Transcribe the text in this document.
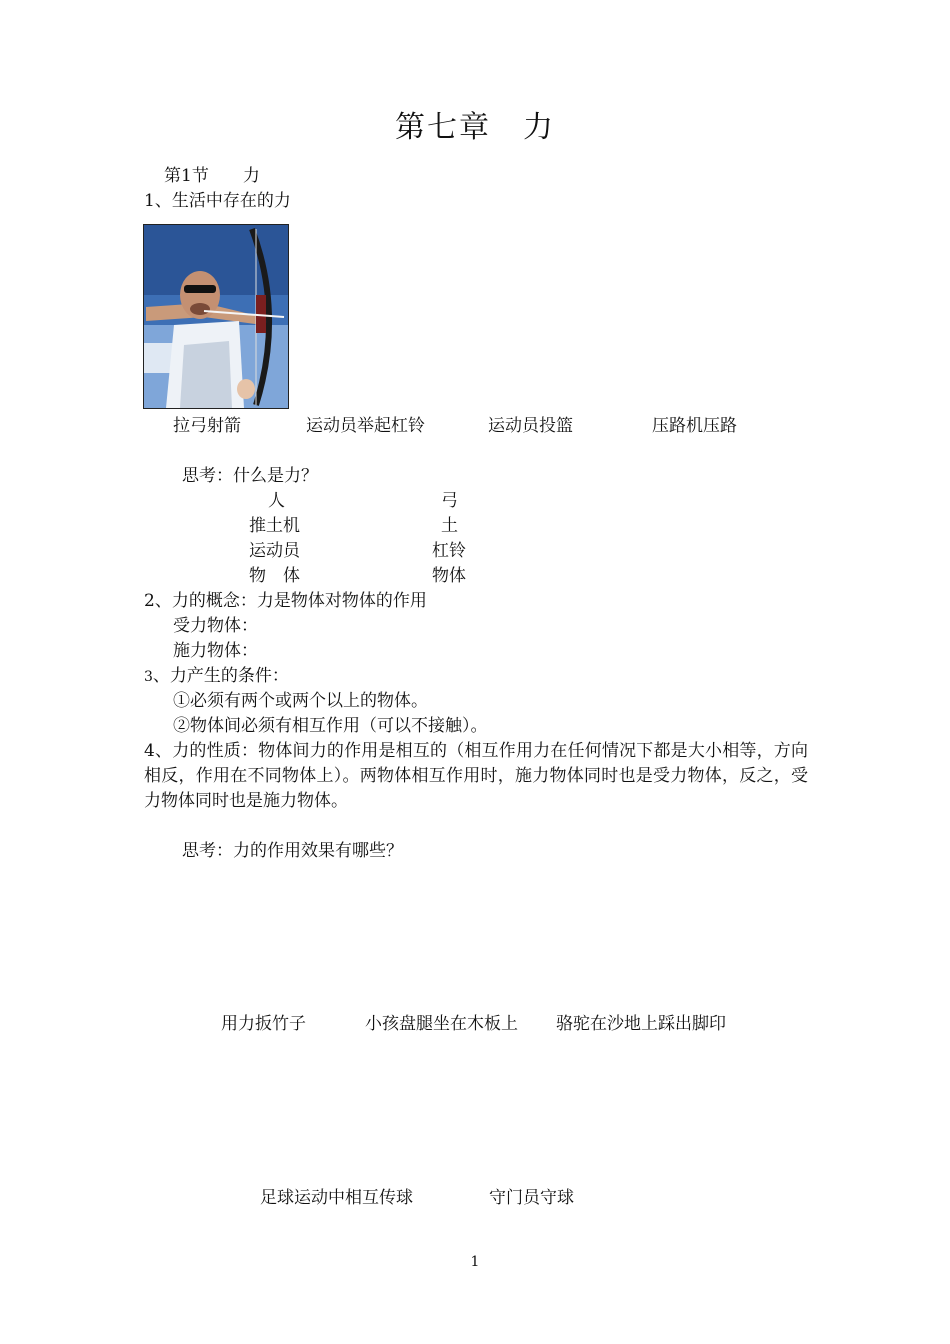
第七章　力
第1节　　力
1、生活中存在的力
拉弓射箭	运动员举起杠铃	运动员投篮	压路机压路
思考：什么是力？
人	弓
推土机	土
运动员	杠铃
物　体	物体
2、力的概念：力是物体对物体的作用
受力物体：
施力物体：
3、力产生的条件：
①必须有两个或两个以上的物体。
②物体间必须有相互作用（可以不接触）。
4、力的性质：物体间力的作用是相互的（相互作用力在任何情况下都是大小相等，方向相反，作用在不同物体上）。两物体相互作用时，施力物体同时也是受力物体，反之，受力物体同时也是施力物体。
思考：力的作用效果有哪些？
用力扳竹子	小孩盘腿坐在木板上 骆驼在沙地上踩出脚印
足球运动中相互传球	守门员守球
1
